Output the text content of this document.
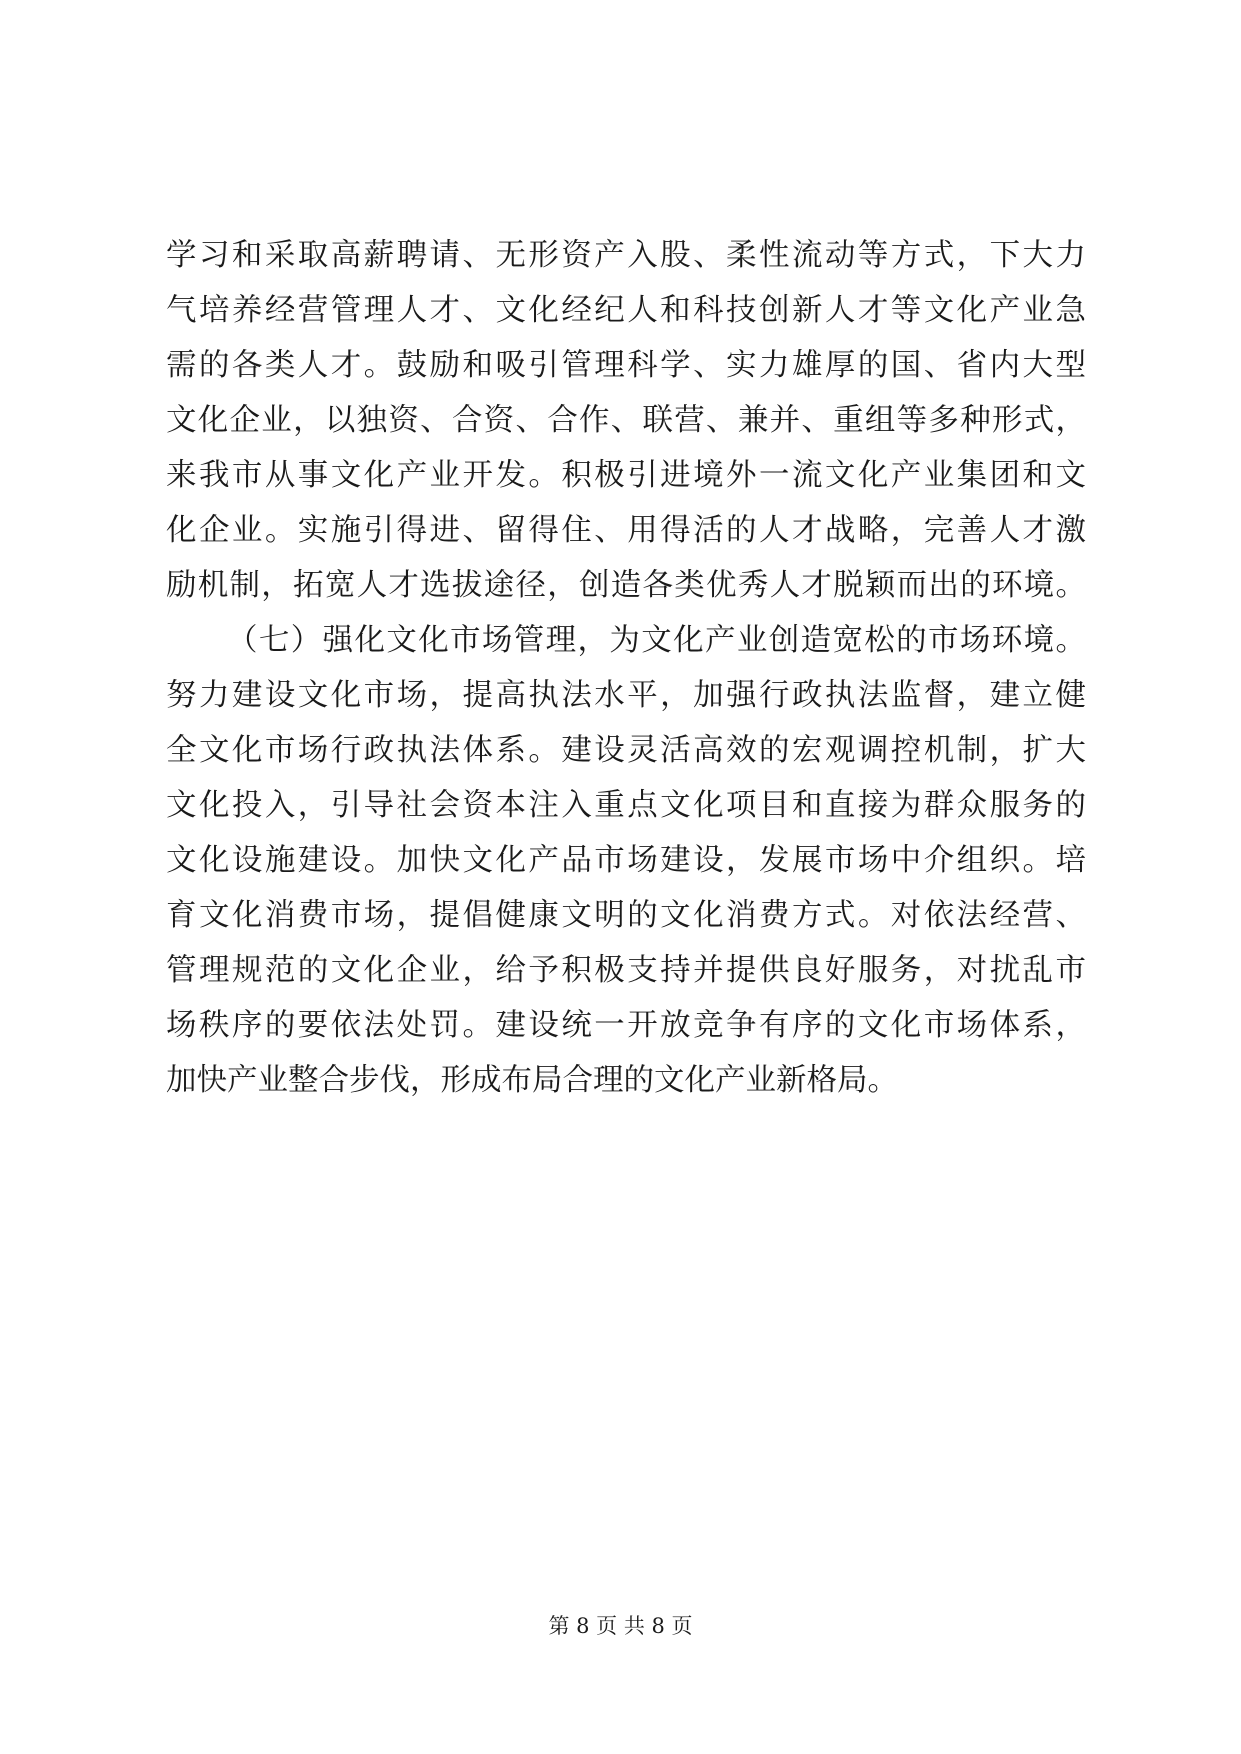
学习和采取高薪聘请、无形资产入股、柔性流动等方式，下大力
气培养经营管理人才、文化经纪人和科技创新人才等文化产业急
需的各类人才。鼓励和吸引管理科学、实力雄厚的国、省内大型
文化企业，以独资、合资、合作、联营、兼并、重组等多种形式，
来我市从事文化产业开发。积极引进境外一流文化产业集团和文
化企业。实施引得进、留得住、用得活的人才战略，完善人才激
励机制，拓宽人才选拔途径，创造各类优秀人才脱颖而出的环境。
（七）强化文化市场管理，为文化产业创造宽松的市场环境。
努力建设文化市场，提高执法水平，加强行政执法监督，建立健
全文化市场行政执法体系。建设灵活高效的宏观调控机制，扩大
文化投入，引导社会资本注入重点文化项目和直接为群众服务的
文化设施建设。加快文化产品市场建设，发展市场中介组织。培
育文化消费市场，提倡健康文明的文化消费方式。对依法经营、
管理规范的文化企业，给予积极支持并提供良好服务，对扰乱市
场秩序的要依法处罚。建设统一开放竞争有序的文化市场体系，
加快产业整合步伐，形成布局合理的文化产业新格局。
第 8 页 共 8 页
